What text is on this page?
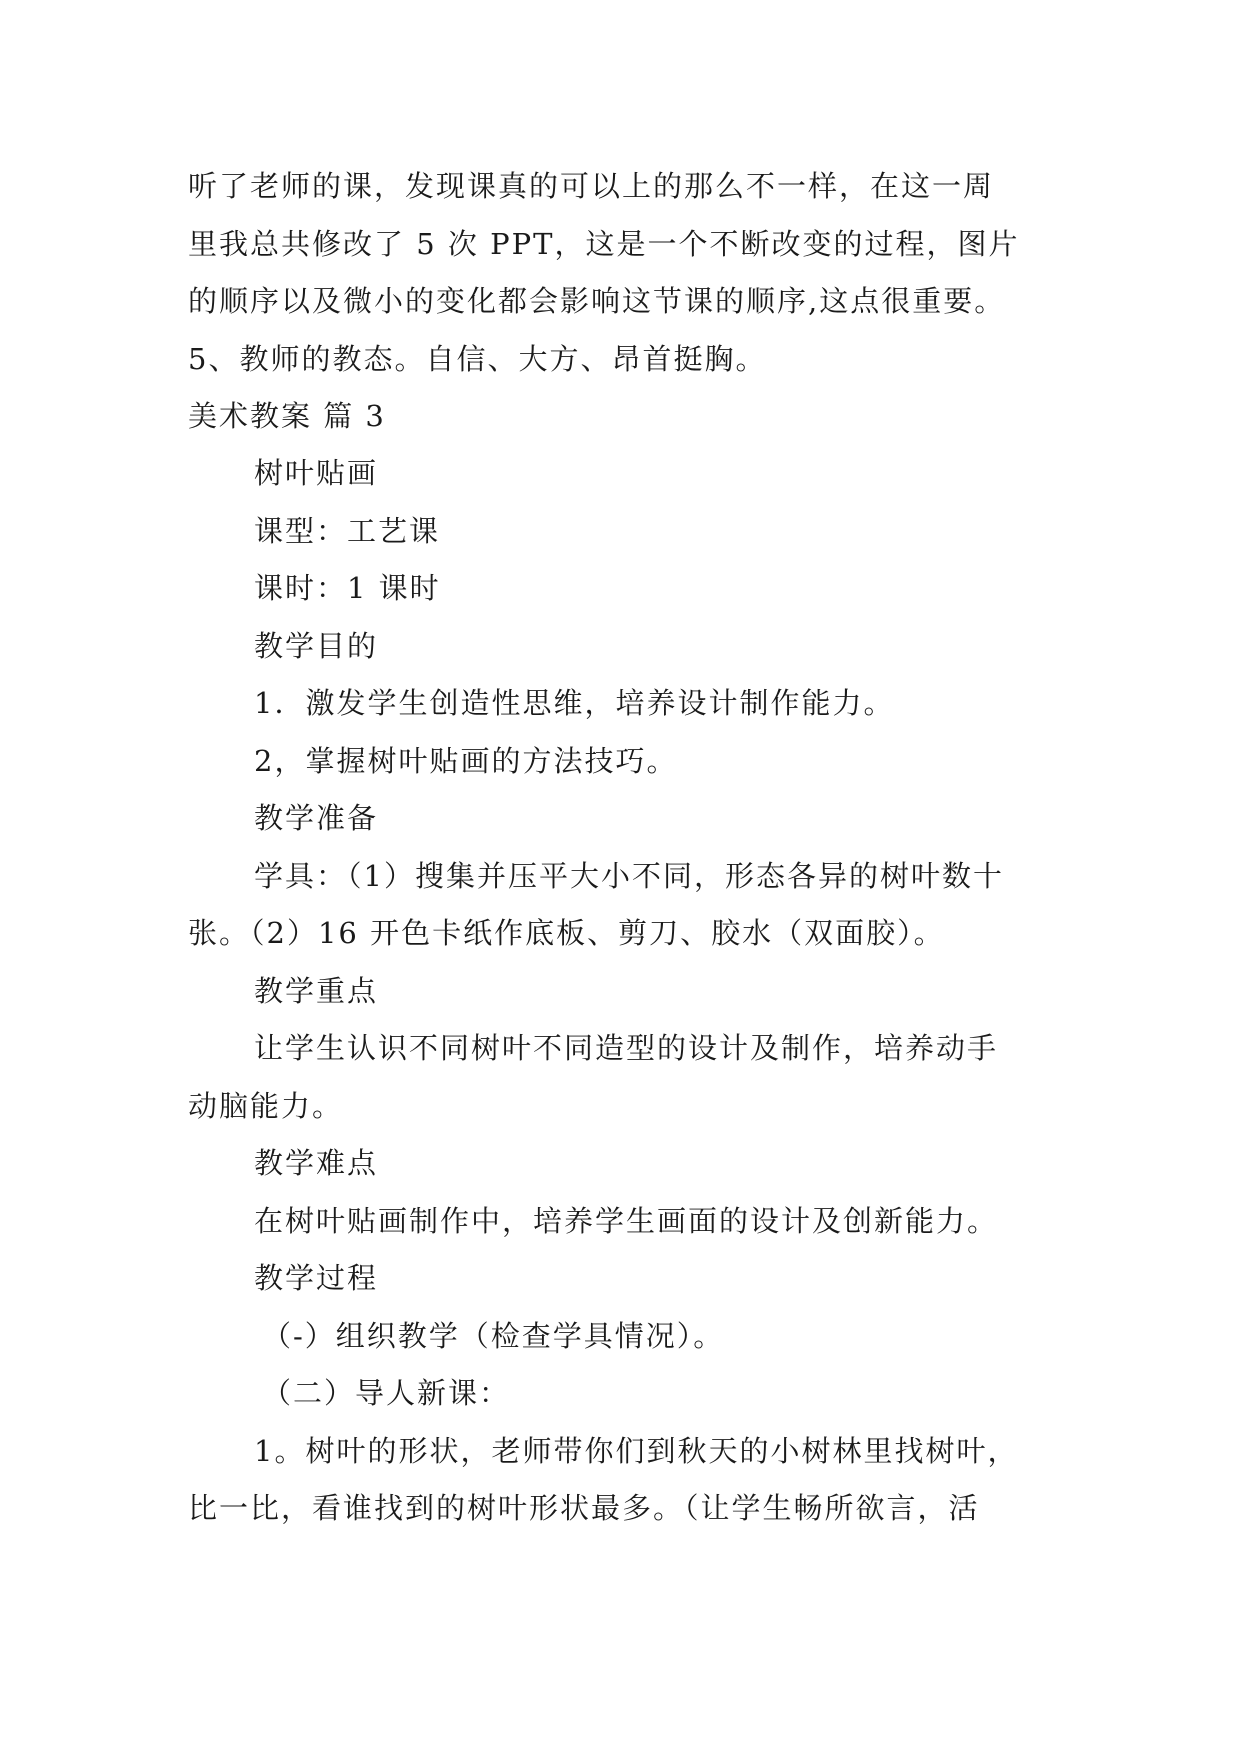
听了老师的课，发现课真的可以上的那么不一样，在这一周
里我总共修改了 5 次 PPT，这是一个不断改变的过程，图片
的顺序以及微小的变化都会影响这节课的顺序,这点很重要。
5、教师的教态。自信、大方、昂首挺胸。
美术教案 篇 3
树叶贴画
课型：工艺课
课时：1 课时
教学目的
1．激发学生创造性思维，培养设计制作能力。
2，掌握树叶贴画的方法技巧。
教学准备
学具：（1）搜集并压平大小不同，形态各异的树叶数十
张。（2）16 开色卡纸作底板、剪刀、胶水（双面胶）。
教学重点
让学生认识不同树叶不同造型的设计及制作，培养动手
动脑能力。
教学难点
在树叶贴画制作中，培养学生画面的设计及创新能力。
教学过程
（-）组织教学（检查学具情况）。
（二）导人新课：
1。树叶的形状，老师带你们到秋天的小树林里找树叶，
比一比，看谁找到的树叶形状最多。（让学生畅所欲言，活
